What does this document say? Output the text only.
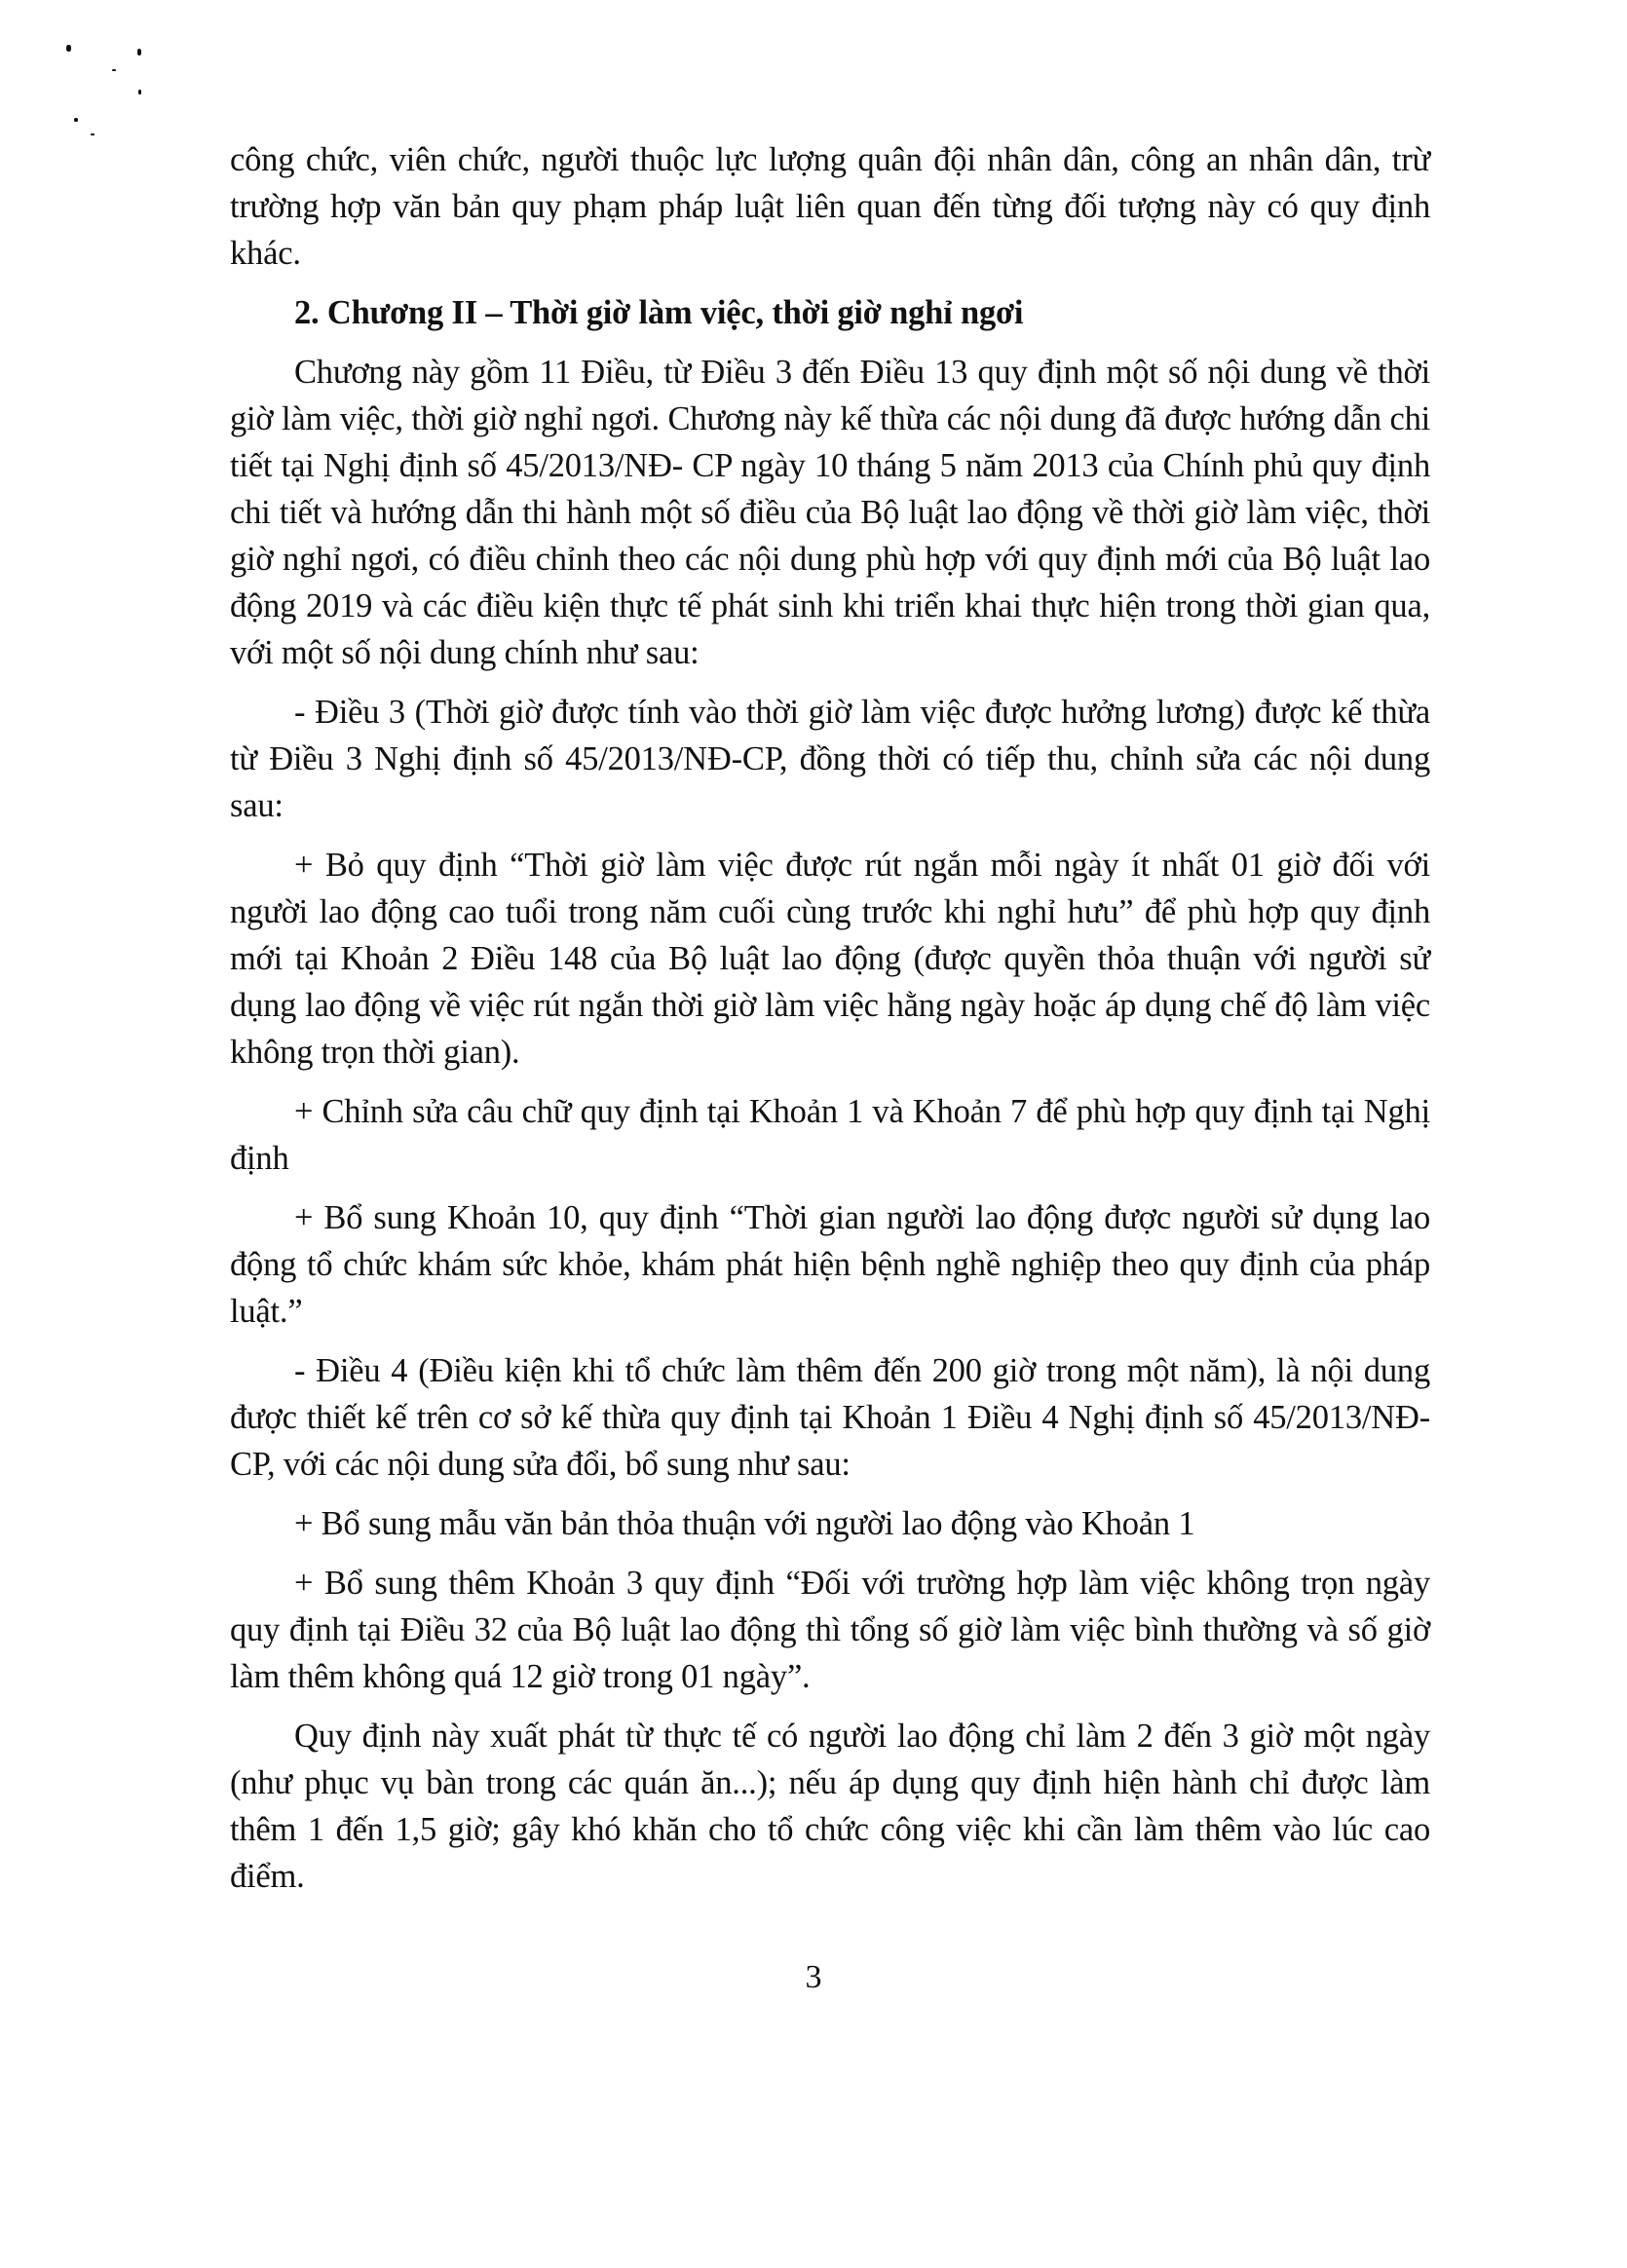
công chức, viên chức, người thuộc lực lượng quân đội nhân dân, công an nhân dân, trừ trường hợp văn bản quy phạm pháp luật liên quan đến từng đối tượng này có quy định khác.

2. Chương II – Thời giờ làm việc, thời giờ nghỉ ngơi

Chương này gồm 11 Điều, từ Điều 3 đến Điều 13 quy định một số nội dung về thời giờ làm việc, thời giờ nghỉ ngơi. Chương này kế thừa các nội dung đã được hướng dẫn chi tiết tại Nghị định số 45/2013/NĐ- CP ngày 10 tháng 5 năm 2013 của Chính phủ quy định chi tiết và hướng dẫn thi hành một số điều của Bộ luật lao động về thời giờ làm việc, thời giờ nghỉ ngơi, có điều chỉnh theo các nội dung phù hợp với quy định mới của Bộ luật lao động 2019 và các điều kiện thực tế phát sinh khi triển khai thực hiện trong thời gian qua, với một số nội dung chính như sau:

- Điều 3 (Thời giờ được tính vào thời giờ làm việc được hưởng lương) được kế thừa từ Điều 3 Nghị định số 45/2013/NĐ-CP, đồng thời có tiếp thu, chỉnh sửa các nội dung sau:

+ Bỏ quy định “Thời giờ làm việc được rút ngắn mỗi ngày ít nhất 01 giờ đối với người lao động cao tuổi trong năm cuối cùng trước khi nghỉ hưu” để phù hợp quy định mới tại Khoản 2 Điều 148 của Bộ luật lao động (được quyền thỏa thuận với người sử dụng lao động về việc rút ngắn thời giờ làm việc hằng ngày hoặc áp dụng chế độ làm việc không trọn thời gian).

+ Chỉnh sửa câu chữ quy định tại Khoản 1 và Khoản 7 để phù hợp quy định tại Nghị định

+ Bổ sung Khoản 10, quy định “Thời gian người lao động được người sử dụng lao động tổ chức khám sức khỏe, khám phát hiện bệnh nghề nghiệp theo quy định của pháp luật.”

- Điều 4 (Điều kiện khi tổ chức làm thêm đến 200 giờ trong một năm), là nội dung được thiết kế trên cơ sở kế thừa quy định tại Khoản 1 Điều 4 Nghị định số 45/2013/NĐ-CP, với các nội dung sửa đổi, bổ sung như sau:

+ Bổ sung mẫu văn bản thỏa thuận với người lao động vào Khoản 1

+ Bổ sung thêm Khoản 3 quy định “Đối với trường hợp làm việc không trọn ngày quy định tại Điều 32 của Bộ luật lao động thì tổng số giờ làm việc bình thường và số giờ làm thêm không quá 12 giờ trong 01 ngày”.

Quy định này xuất phát từ thực tế có người lao động chỉ làm 2 đến 3 giờ một ngày (như phục vụ bàn trong các quán ăn...); nếu áp dụng quy định hiện hành chỉ được làm thêm 1 đến 1,5 giờ; gây khó khăn cho tổ chức công việc khi cần làm thêm vào lúc cao điểm.

3
